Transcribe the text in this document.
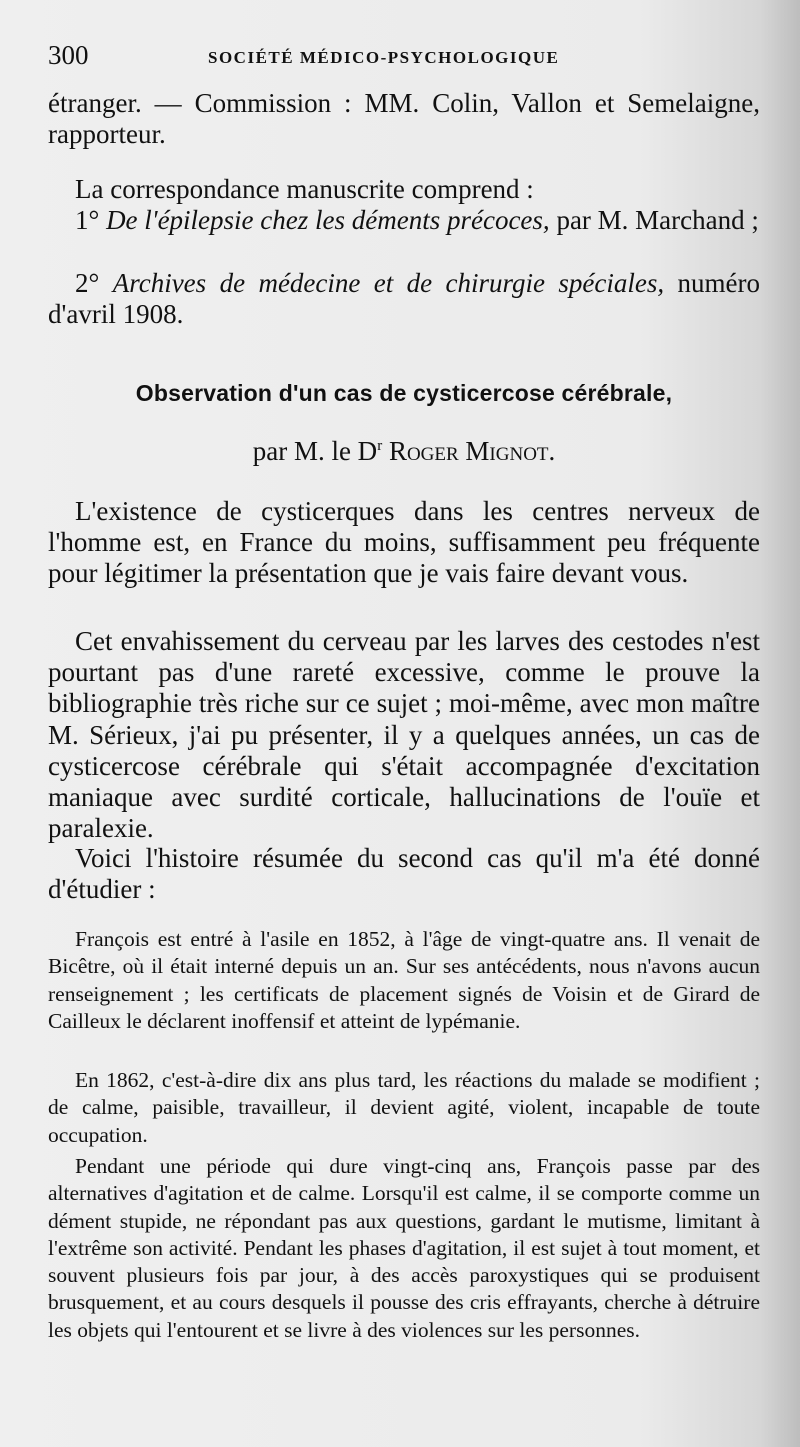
300	SOCIÉTÉ MÉDICO-PSYCHOLOGIQUE

étranger. — Commission : MM. Colin, Vallon et Semelaigne, rapporteur.

La correspondance manuscrite comprend :

1° De l'épilepsie chez les déments précoces, par M. Marchand ;

2° Archives de médecine et de chirurgie spéciales, numéro d'avril 1908.

Observation d'un cas de cysticercose cérébrale,
par M. le $D^r$ Roger Mignot.

L'existence de cysticerques dans les centres nerveux de l'homme est, en France du moins, suffisamment peu fréquente pour légitimer la présentation que je vais faire devant vous.

Cet envahissement du cerveau par les larves des cestodes n'est pourtant pas d'une rareté excessive, comme le prouve la bibliographie très riche sur ce sujet ; moi-même, avec mon maître M. Sérieux, j'ai pu présenter, il y a quelques années, un cas de cysticercose cérébrale qui s'était accompagnée d'excitation maniaque avec surdité corticale, hallucinations de l'ouïe et paralexie.

Voici l'histoire résumée du second cas qu'il m'a été donné d'étudier :

François est entré à l'asile en 1852, à l'âge de vingt-quatre ans. Il venait de Bicêtre, où il était interné depuis un an. Sur ses antécédents, nous n'avons aucun renseignement ; les certificats de placement signés de Voisin et de Girard de Cailleux le déclarent inoffensif et atteint de lypémanie.

En 1862, c'est-à-dire dix ans plus tard, les réactions du malade se modifient ; de calme, paisible, travailleur, il devient agité, violent, incapable de toute occupation.

Pendant une période qui dure vingt-cinq ans, François passe par des alternatives d'agitation et de calme. Lorsqu'il est calme, il se comporte comme un dément stupide, ne répondant pas aux questions, gardant le mutisme, limitant à l'extrême son activité. Pendant les phases d'agitation, il est sujet à tout moment, et souvent plusieurs fois par jour, à des accès paroxystiques qui se produisent brusquement, et au cours desquels il pousse des cris effrayants, cherche à détruire les objets qui l'entourent et se livre à des violences sur les personnes.
